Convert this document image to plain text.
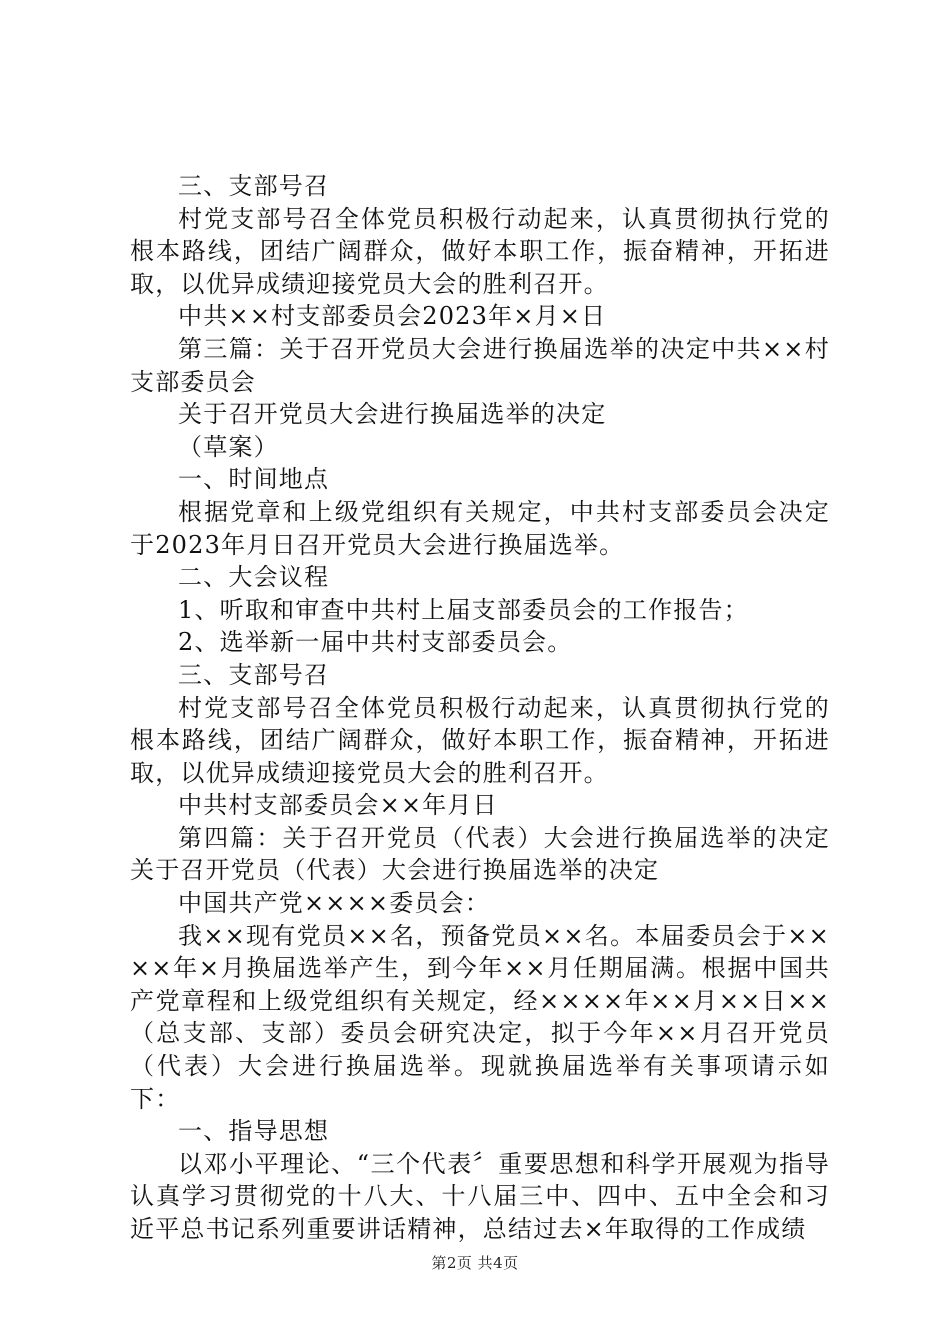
三、支部号召

村党支部号召全体党员积极行动起来，认真贯彻执行党的根本路线，团结广阔群众，做好本职工作，振奋精神，开拓进取，以优异成绩迎接党员大会的胜利召开。

中共××村支部委员会2023年×月×日

第三篇：关于召开党员大会进行换届选举的决定中共××村支部委员会

关于召开党员大会进行换届选举的决定

（草案）

一、时间地点

根据党章和上级党组织有关规定，中共村支部委员会决定于2023年月日召开党员大会进行换届选举。

二、大会议程

1、听取和审查中共村上届支部委员会的工作报告；

2、选举新一届中共村支部委员会。

三、支部号召

村党支部号召全体党员积极行动起来，认真贯彻执行党的根本路线，团结广阔群众，做好本职工作，振奋精神，开拓进取，以优异成绩迎接党员大会的胜利召开。

中共村支部委员会××年月日

第四篇：关于召开党员（代表）大会进行换届选举的决定关于召开党员（代表）大会进行换届选举的决定

中国共产党××××委员会：

我××现有党员××名，预备党员××名。本届委员会于××××年×月换届选举产生，到今年××月任期届满。根据中国共产党章程和上级党组织有关规定，经××××年××月××日××（总支部、支部）委员会研究决定，拟于今年××月召开党员（代表）大会进行换届选举。现就换届选举有关事项请示如下：

一、指导思想

以邓小平理论、“三个代表〞重要思想和科学开展观为指导认真学习贯彻党的十八大、十八届三中、四中、五中全会和习近平总书记系列重要讲话精神，总结过去×年取得的工作成绩

第2页 共4页
